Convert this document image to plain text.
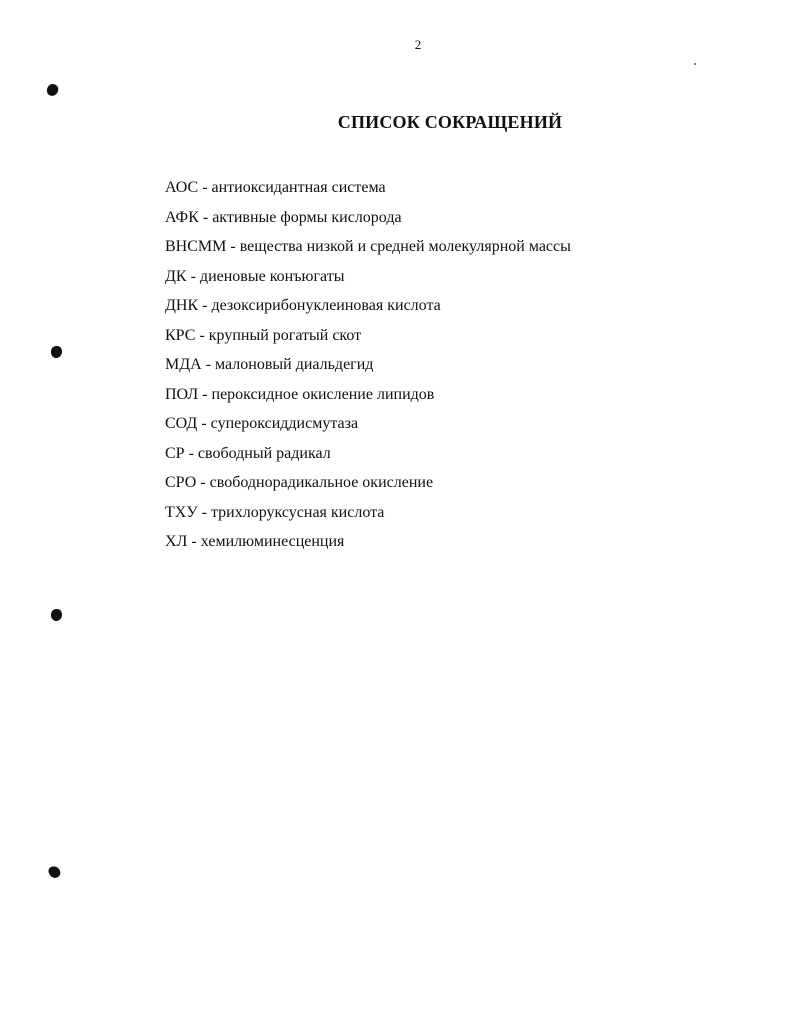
2
СПИСОК СОКРАЩЕНИЙ
АОС - антиоксидантная система
АФК - активные формы кислорода
ВНСММ - вещества низкой и средней молекулярной массы
ДК - диеновые конъюгаты
ДНК - дезоксирибонуклеиновая кислота
КРС - крупный рогатый скот
МДА - малоновый диальдегид
ПОЛ - пероксидное окисление липидов
СОД - супероксиддисмутаза
СР - свободный радикал
СРО - свободнорадикальное окисление
ТХУ - трихлоруксусная кислота
ХЛ - хемилюминесценция
